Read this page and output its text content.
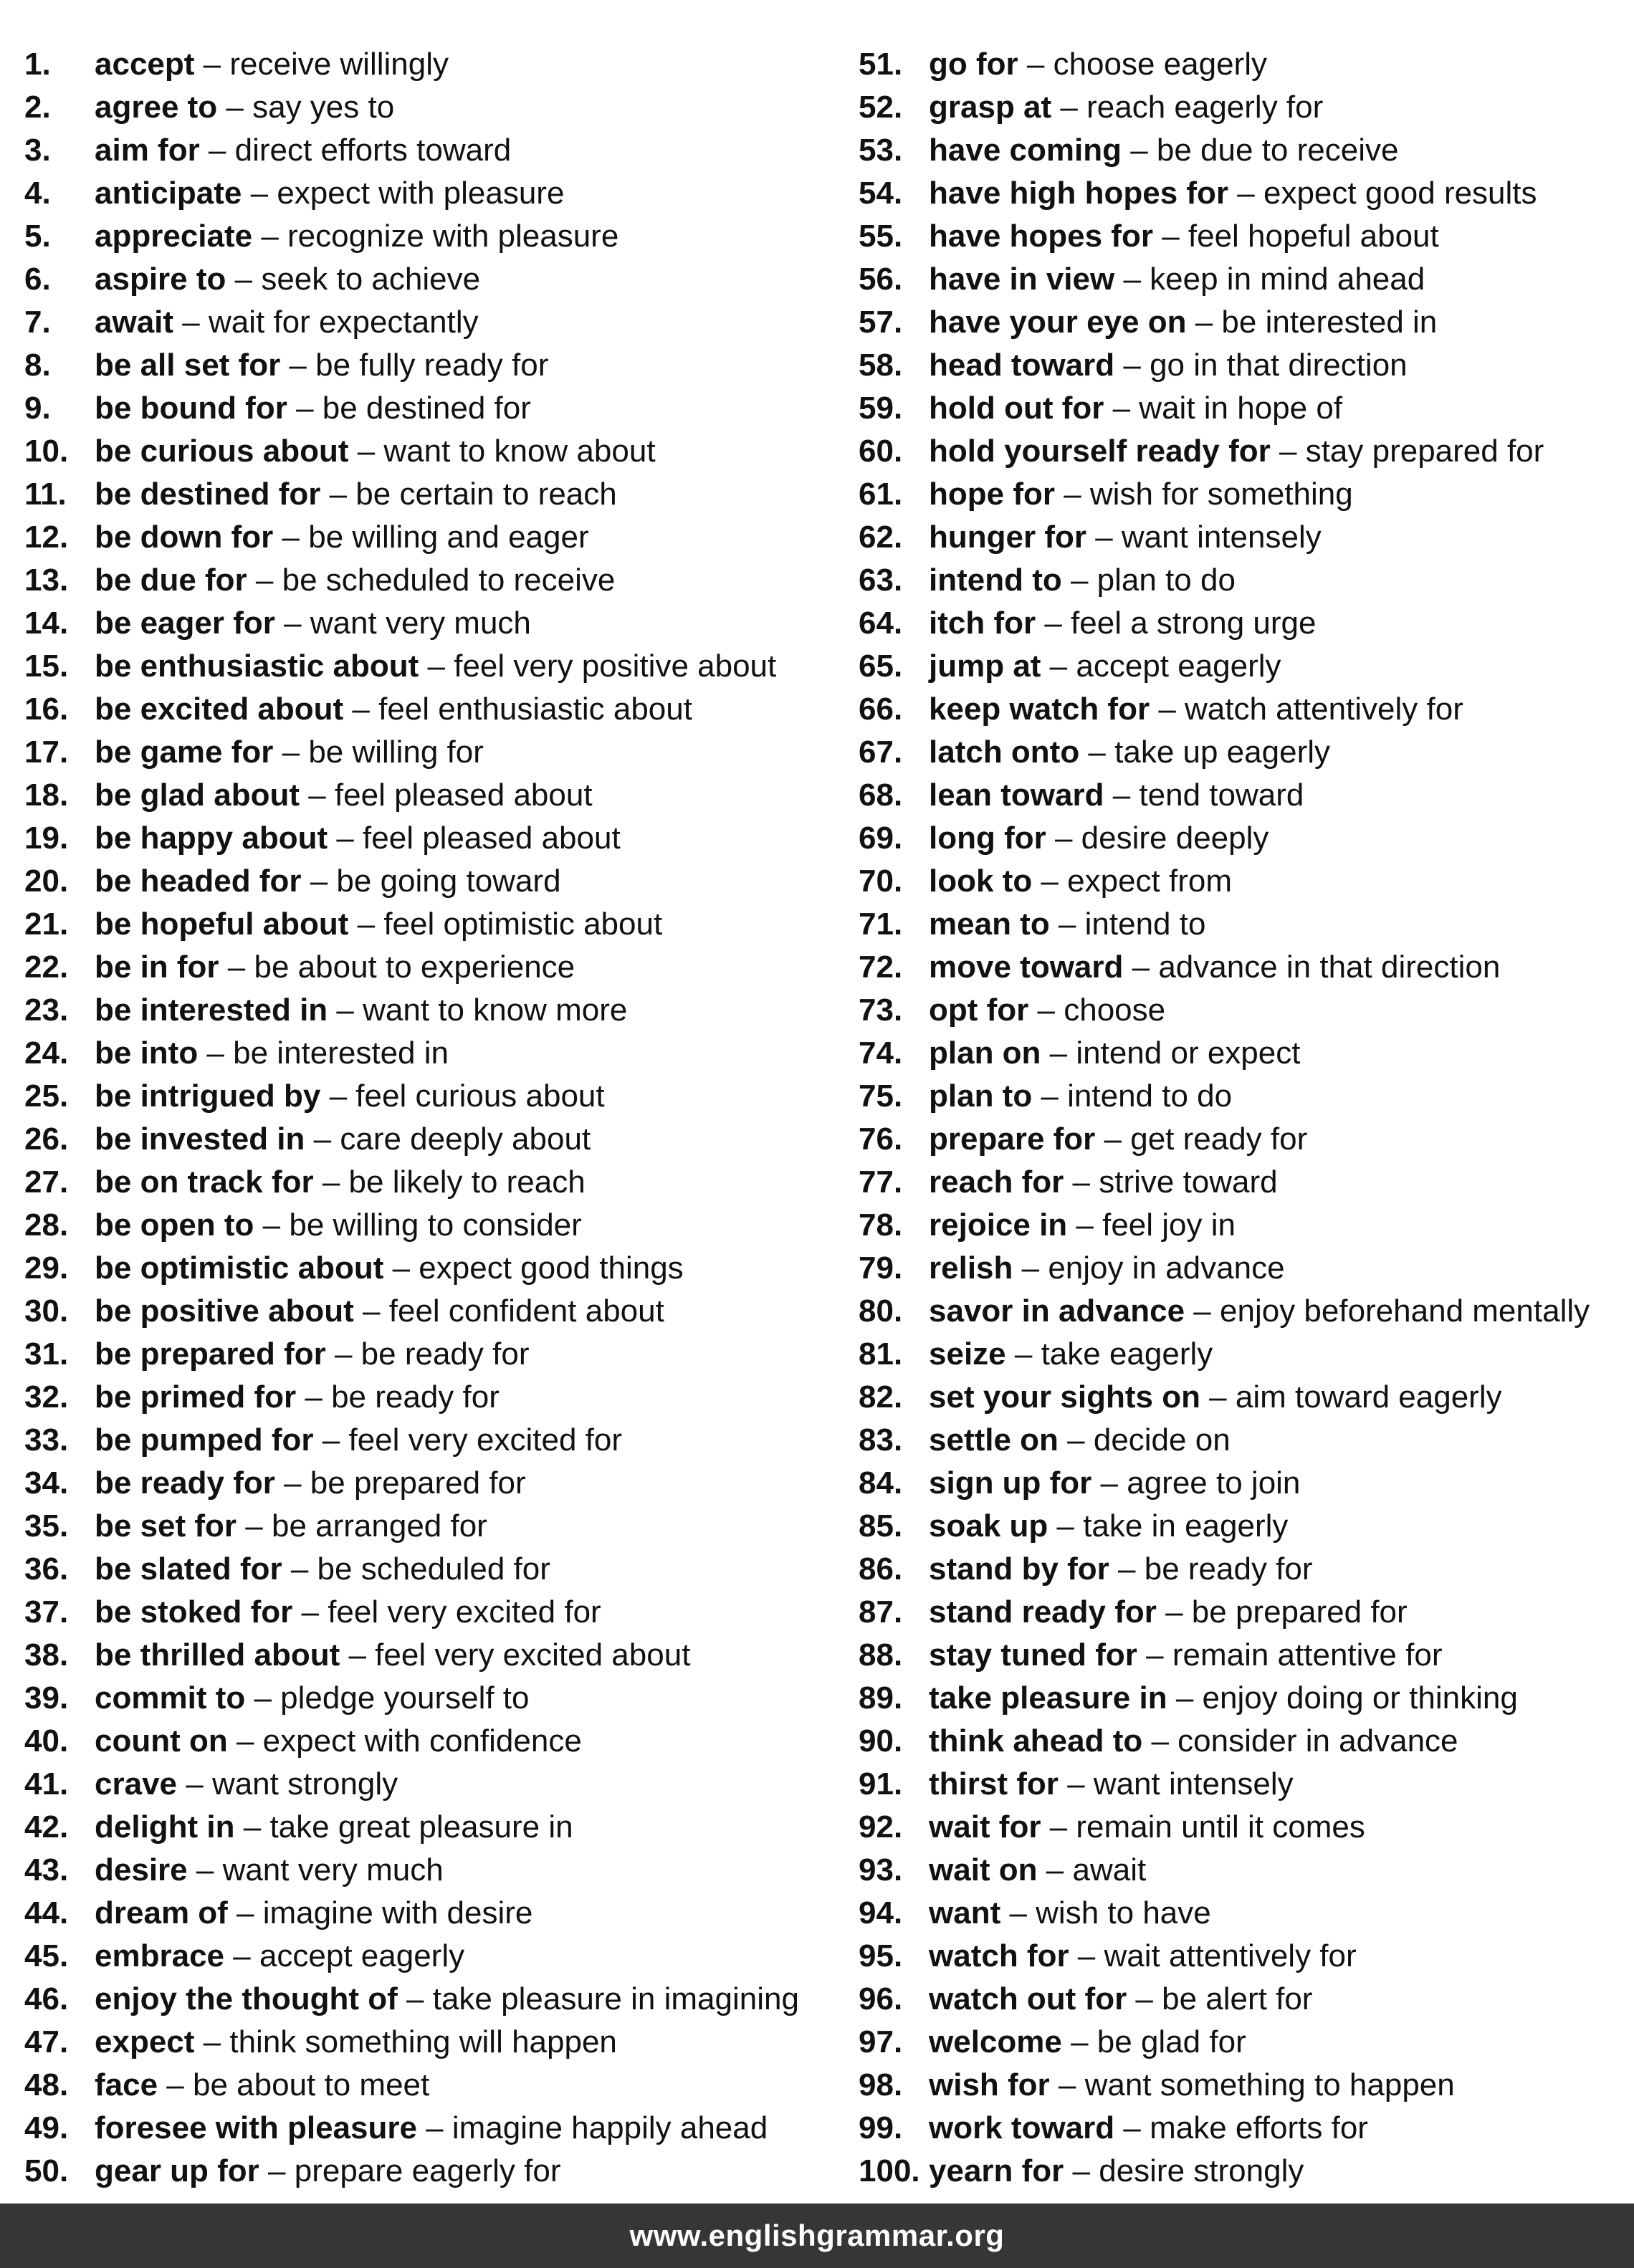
1.	accept – receive willingly
2.	agree to – say yes to
3.	aim for – direct efforts toward
4.	anticipate – expect with pleasure
5.	appreciate – recognize with pleasure
6.	aspire to – seek to achieve
7.	await – wait for expectantly
8.	be all set for – be fully ready for
9.	be bound for – be destined for
10. be curious about – want to know about
11. be destined for – be certain to reach
12. be down for – be willing and eager
13. be due for – be scheduled to receive
14. be eager for – want very much
15. be enthusiastic about – feel very positive about
16. be excited about – feel enthusiastic about
17. be game for – be willing for
18. be glad about – feel pleased about
19. be happy about – feel pleased about
20. be headed for – be going toward
21. be hopeful about – feel optimistic about
22. be in for – be about to experience
23. be interested in – want to know more
24. be into – be interested in
25. be intrigued by – feel curious about
26. be invested in – care deeply about
27. be on track for – be likely to reach
28. be open to – be willing to consider
29. be optimistic about – expect good things
30. be positive about – feel confident about
31. be prepared for – be ready for
32. be primed for – be ready for
33. be pumped for – feel very excited for
34. be ready for – be prepared for
35. be set for – be arranged for
36. be slated for – be scheduled for
37. be stoked for – feel very excited for
38. be thrilled about – feel very excited about
39. commit to – pledge yourself to
40. count on – expect with confidence
41. crave – want strongly
42. delight in – take great pleasure in
43. desire – want very much
44. dream of – imagine with desire
45. embrace – accept eagerly
46. enjoy the thought of – take pleasure in imagining
47. expect – think something will happen
48. face – be about to meet
49. foresee with pleasure – imagine happily ahead
50. gear up for – prepare eagerly for
51. go for – choose eagerly
52. grasp at – reach eagerly for
53. have coming – be due to receive
54. have high hopes for – expect good results
55. have hopes for – feel hopeful about
56. have in view – keep in mind ahead
57. have your eye on – be interested in
58. head toward – go in that direction
59. hold out for – wait in hope of
60. hold yourself ready for – stay prepared for
61. hope for – wish for something
62. hunger for – want intensely
63. intend to – plan to do
64. itch for – feel a strong urge
65. jump at – accept eagerly
66. keep watch for – watch attentively for
67. latch onto – take up eagerly
68. lean toward – tend toward
69. long for – desire deeply
70. look to – expect from
71. mean to – intend to
72. move toward – advance in that direction
73. opt for – choose
74. plan on – intend or expect
75. plan to – intend to do
76. prepare for – get ready for
77. reach for – strive toward
78. rejoice in – feel joy in
79. relish – enjoy in advance
80. savor in advance – enjoy beforehand mentally
81. seize – take eagerly
82. set your sights on – aim toward eagerly
83. settle on – decide on
84. sign up for – agree to join
85. soak up – take in eagerly
86. stand by for – be ready for
87. stand ready for – be prepared for
88. stay tuned for – remain attentive for
89. take pleasure in – enjoy doing or thinking
90. think ahead to – consider in advance
91. thirst for – want intensely
92. wait for – remain until it comes
93. wait on – await
94. want – wish to have
95. watch for – wait attentively for
96. watch out for – be alert for
97. welcome – be glad for
98. wish for – want something to happen
99. work toward – make efforts for
100. yearn for – desire strongly
www.englishgrammar.org
